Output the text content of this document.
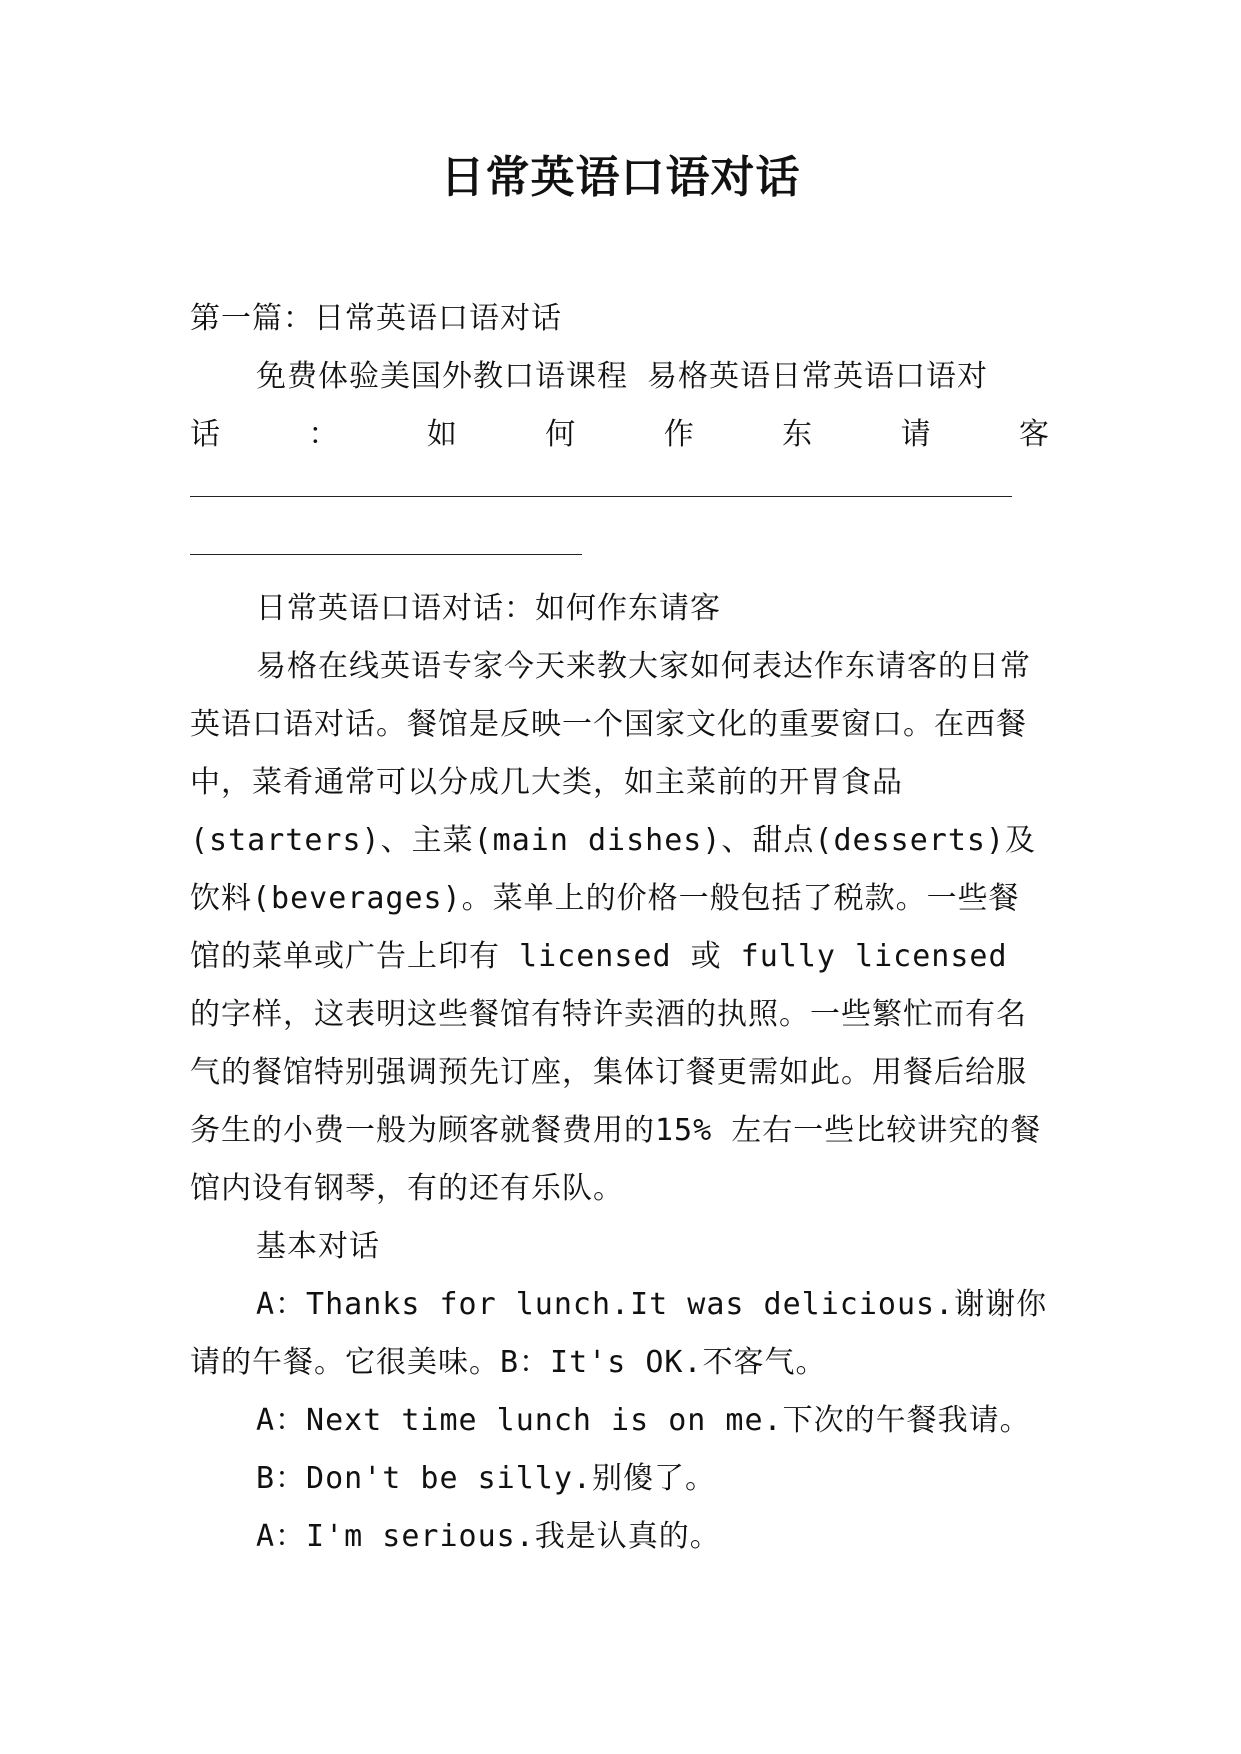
日常英语口语对话

第一篇：日常英语口语对话

免费体验美国外教口语课程 易格英语日常英语口语对

话 ： 如 何 作 东 请 客

日常英语口语对话：如何作东请客

易格在线英语专家今天来教大家如何表达作东请客的日常英语口语对话。餐馆是反映一个国家文化的重要窗口。在西餐中，菜肴通常可以分成几大类，如主菜前的开胃食品(starters)、主菜(main dishes)、甜点(desserts)及饮料(beverages)。菜单上的价格一般包括了税款。一些餐馆的菜单或广告上印有 licensed 或 fully licensed 的字样，这表明这些餐馆有特许卖酒的执照。一些繁忙而有名气的餐馆特别强调预先订座，集体订餐更需如此。用餐后给服务生的小费一般为顾客就餐费用的15% 左右一些比较讲究的餐馆内设有钢琴，有的还有乐队。

基本对话

A：Thanks for lunch.It was delicious.谢谢你请的午餐。它很美味。B：It's OK.不客气。

A：Next time lunch is on me.下次的午餐我请。

B：Don't be silly.别傻了。

A：I'm serious.我是认真的。
